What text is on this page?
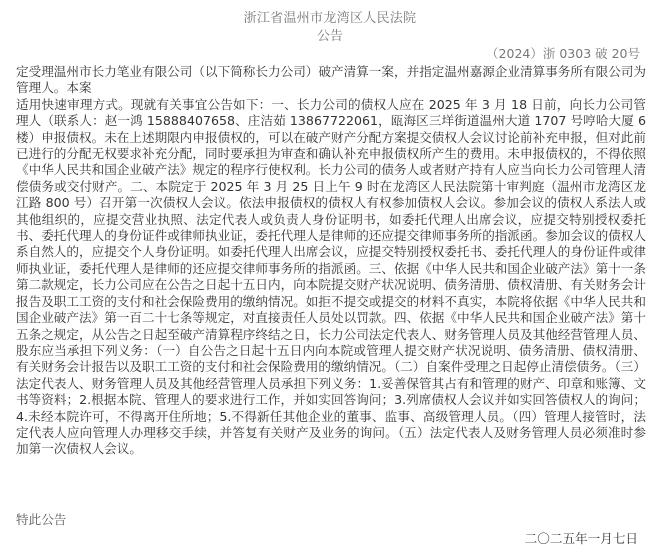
浙江省温州市龙湾区人民法院
公告
（2024）浙 0303 破 20号

定受理温州市长力笔业有限公司（以下简称长力公司）破产清算一案，并指定温州嘉源企业清算事务所有限公司为管理人。本案

适用快速审理方式。现就有关事宜公告如下：一、长力公司的债权人应在 2025 年 3 月 18 日前，向长力公司管理人（联系人：赵一鸿 15888407658、庄洁茹 13867722061，瓯海区三垟街道温州大道 1707 号哼哈大厦 6 楼）申报债权。未在上述期限内申报债权的，可以在破产财产分配方案提交债权人会议讨论前补充申报，但对此前已进行的分配无权要求补充分配，同时要承担为审查和确认补充申报债权所产生的费用。未申报债权的，不得依照《中华人民共和国企业破产法》规定的程序行使权利。长力公司的债务人或者财产持有人应当向长力公司管理人清偿债务或交付财产。二、本院定于 2025 年 3 月 25 日上午 9 时在龙湾区人民法院第十审判庭（温州市龙湾区龙江路 800 号）召开第一次债权人会议。依法申报债权的债权人有权参加债权人会议。参加会议的债权人系法人或其他组织的，应提交营业执照、法定代表人或负责人身份证明书，如委托代理人出席会议，应提交特别授权委托书、委托代理人的身份证件或律师执业证，委托代理人是律师的还应提交律师事务所的指派函。参加会议的债权人系自然人的，应提交个人身份证明。如委托代理人出席会议，应提交特别授权委托书、委托代理人的身份证件或律师执业证，委托代理人是律师的还应提交律师事务所的指派函。三、依据《中华人民共和国企业破产法》第十一条第二款规定，长力公司应在公告之日起十五日内，向本院提交财产状况说明、债务清册、债权清册、有关财务会计报告及职工工资的支付和社会保险费用的缴纳情况。如拒不提交或提交的材料不真实，本院将依据《中华人民共和国企业破产法》第一百二十七条等规定，对直接责任人员处以罚款。四、依据《中华人民共和国企业破产法》第十五条之规定，从公告之日起至破产清算程序终结之日，长力公司法定代表人、财务管理人员及其他经营管理人员、股东应当承担下列义务：（一）自公告之日起十五日内向本院或管理人提交财产状况说明、债务清册、债权清册、有关财务会计报告以及职工工资的支付和社会保险费用的缴纳情况。（二）自案件受理之日起停止清偿债务。（三）法定代表人、财务管理人员及其他经营管理人员承担下列义务：1.妥善保管其占有和管理的财产、印章和账簿、文书等资料；2.根据本院、管理人的要求进行工作，并如实回答询问；3.列席债权人会议并如实回答债权人的询问；4.未经本院许可，不得离开住所地；5.不得新任其他企业的董事、监事、高级管理人员。（四）管理人接管时，法定代表人应向管理人办理移交手续，并答复有关财产及业务的询问。（五）法定代表人及财务管理人员必须准时参加第一次债权人会议。

特此公告
二〇二五年一月七日
